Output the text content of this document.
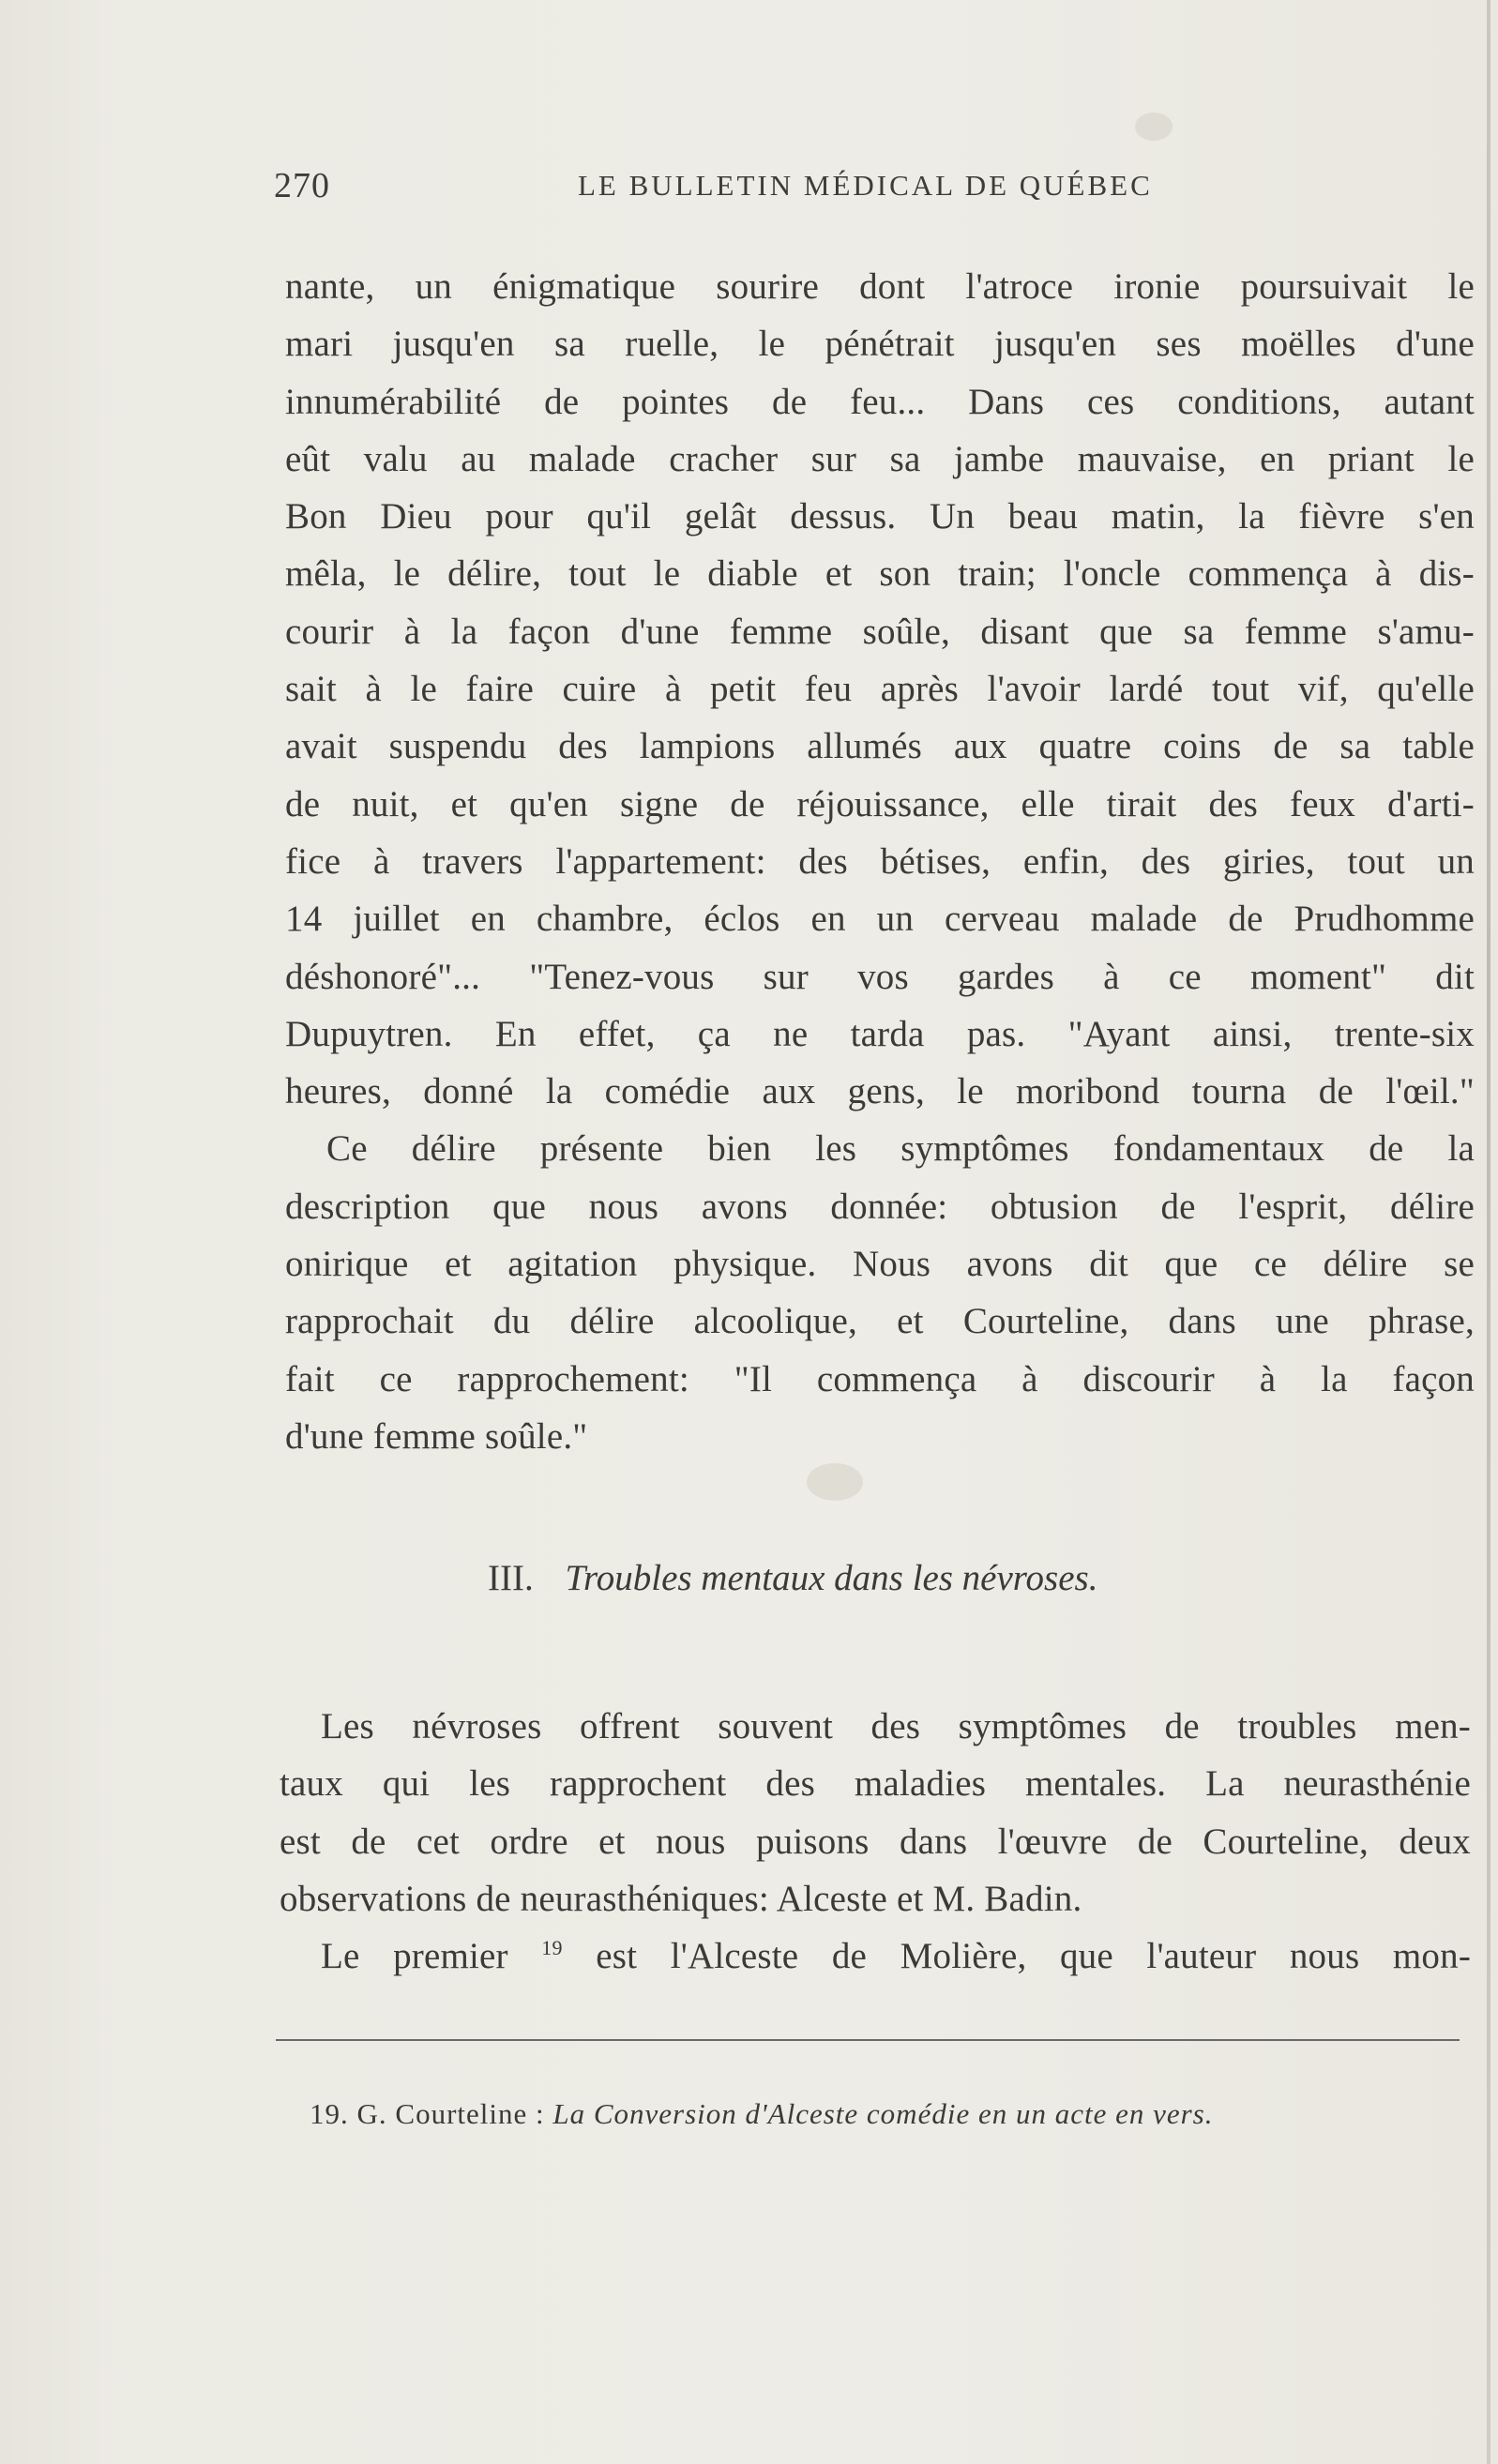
270	LE BULLETIN MÉDICAL DE QUÉBEC
nante, un énigmatique sourire dont l'atroce ironie poursuivait le
mari jusqu'en sa ruelle, le pénétrait jusqu'en ses moëlles d'une
innumérabilité de pointes de feu... Dans ces conditions, autant
eût valu au malade cracher sur sa jambe mauvaise, en priant le
Bon Dieu pour qu'il gelât dessus. Un beau matin, la fièvre s'en
mêla, le délire, tout le diable et son train; l'oncle commença à dis-
courir à la façon d'une femme soûle, disant que sa femme s'amu-
sait à le faire cuire à petit feu après l'avoir lardé tout vif, qu'elle
avait suspendu des lampions allumés aux quatre coins de sa table
de nuit, et qu'en signe de réjouissance, elle tirait des feux d'arti-
fice à travers l'appartement: des bétises, enfin, des giries, tout un
14 juillet en chambre, éclos en un cerveau malade de Prudhomme
déshonoré"... "Tenez-vous sur vos gardes à ce moment" dit
Dupuytren. En effet, ça ne tarda pas. "Ayant ainsi, trente-six
heures, donné la comédie aux gens, le moribond tourna de l'œil."
Ce délire présente bien les symptômes fondamentaux de la
description que nous avons donnée: obtusion de l'esprit, délire
onirique et agitation physique. Nous avons dit que ce délire se
rapprochait du délire alcoolique, et Courteline, dans une phrase,
fait ce rapprochement: "Il commença à discourir à la façon
d'une femme soûle."
III. Troubles mentaux dans les névroses.
Les névroses offrent souvent des symptômes de troubles men-
taux qui les rapprochent des maladies mentales. La neurasthénie
est de cet ordre et nous puisons dans l'œuvre de Courteline, deux
observations de neurasthéniques: Alceste et M. Badin.
Le premier $^{19}$ est l'Alceste de Molière, que l'auteur nous mon-
19. G. Courteline : La Conversion d'Alceste comédie en un acte en vers.
